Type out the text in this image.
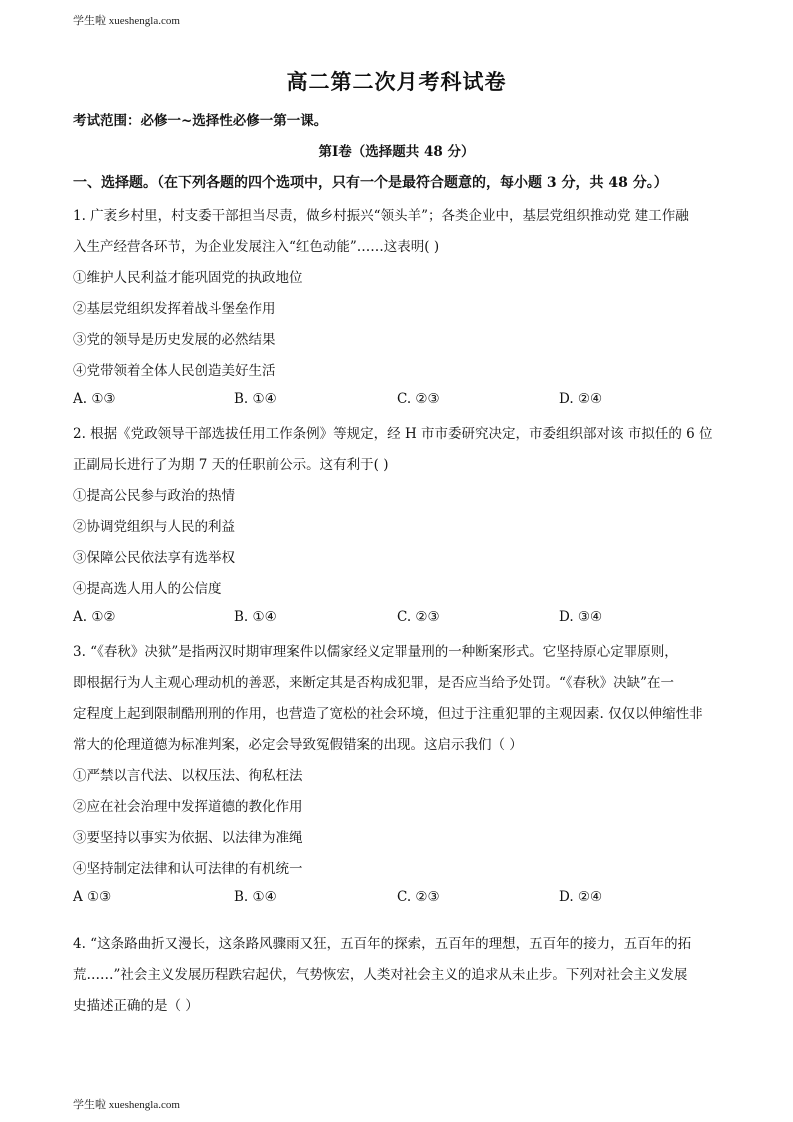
学生啦 xueshengla.com
高二第二次月考科试卷
考试范围：必修一~选择性必修一第一课。
第Ⅰ卷（选择题共 48 分）
一、选择题。（在下列各题的四个选项中，只有一个是最符合题意的，每小题 3 分，共 48 分。）
1. 广袤乡村里，村支委干部担当尽责，做乡村振兴“领头羊”；各类企业中，基层党组织推动党 建工作融
入生产经营各环节，为企业发展注入“红色动能”……这表明( )
①维护人民利益才能巩固党的执政地位
②基层党组织发挥着战斗堡垒作用
③党的领导是历史发展的必然结果
④党带领着全体人民创造美好生活
A. ①③	B. ①④	C. ②③	D. ②④
2. 根据《党政领导干部选拔任用工作条例》等规定，经 H 市市委研究决定，市委组织部对该 市拟任的 6 位
正副局长进行了为期 7 天的任职前公示。这有利于( )
①提高公民参与政治的热情
②协调党组织与人民的利益
③保障公民依法享有选举权
④提高选人用人的公信度
A. ①②	B. ①④	C. ②③	D. ③④
3. “《春秋》决狱”是指两汉时期审理案件以儒家经义定罪量刑的一种断案形式。它坚持原心定罪原则，
即根据行为人主观心理动机的善恶，来断定其是否构成犯罪，是否应当给予处罚。“《春秋》决缺”在一
定程度上起到限制酷刑刑的作用，也营造了宽松的社会环境，但过于注重犯罪的主观因素. 仅仅以伸缩性非
常大的伦理道德为标准判案，必定会导致冤假错案的出现。这启示我们（ ）
①严禁以言代法、以权压法、徇私枉法
②应在社会治理中发挥道德的教化作用
③要坚持以事实为依据、以法律为准绳
④坚持制定法律和认可法律的有机统一
A ①③	B. ①④	C. ②③	D. ②④
4. “这条路曲折又漫长，这条路风骤雨又狂，五百年的探索，五百年的理想，五百年的接力，五百年的拓
荒……”社会主义发展历程跌宕起伏，气势恢宏，人类对社会主义的追求从未止步。下列对社会主义发展
史描述正确的是（ ）
学生啦 xueshengla.com
